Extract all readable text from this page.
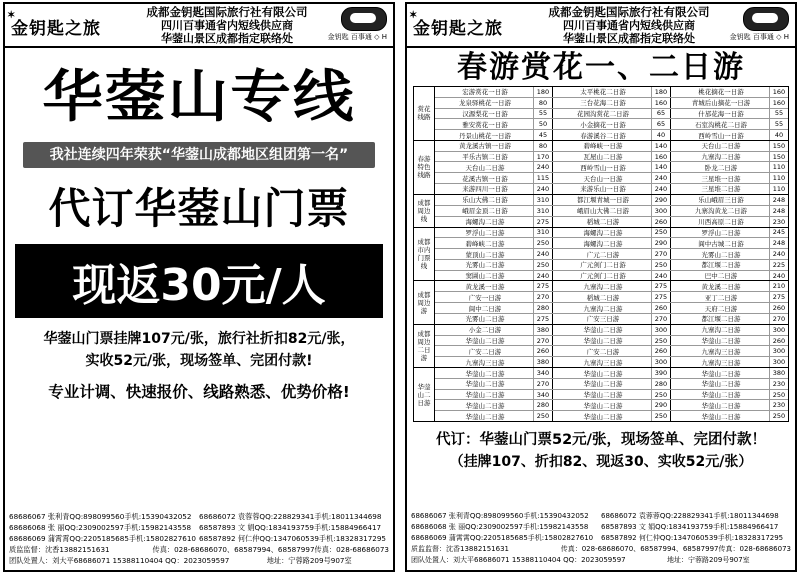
✶ 金钥匙之旅
成都金钥匙国际旅行社有限公司
四川百事通省内短线供应商
华蓥山景区成都指定联络处	金钥匙 百事通 ◇ H
华蓥山专线
我社连续四年荣获“华蓥山成都地区组团第一名”
代订华蓥山门票
现返30元/人
华蓥山门票挂牌107元/张，旅行社折扣82元/张，
实收52元/张，现场签单、完团付款!
专业计调、快速报价、线路熟悉、优势价格!
68686067 张利青QQ:898099560 手机:15390432052	68686072 袁蓉蓉QQ:228829341 手机:18011344698
68686068 张 丽QQ:2309002597 手机:15982143558	68587893 文 娟QQ:1834193759 手机:15884966417
68686069 蒲霄霄QQ:2205185685 手机:15802827610 68587892 何仁仲QQ:1347060539 手机:18328317295
质监监督：沈香13882151631	传真：028-68686070、68587994、68587997 传真：028-68686073
团队处置人：刘大平68686071 15388110404 QQ：2023059597	地址：宁蓉路209号907室
✶ 金钥匙之旅
成都金钥匙国际旅行社有限公司
四川百事通省内短线供应商
华蓥山景区成都指定联络处	金钥匙 百事通 ◇ H
春游赏花一、二日游
赏花线路
宏游赏花一日游	180	太平桃花二日游	180	桃花摘花一日游	160
龙泉驿桃花一日游	80	三台花海二日游	160	青城后山摘花一日游	160
汉源梨花一日游	55	花园沟赏花二日游	65	什邡花海一日游	55
雅安赏花一日游	50	小金摘花一日游	65	石室沟桃花二日游	55
丹景山桃花一日游	45	春游溪谷二日游	40	西岭雪山一日游	40
春游特色线路
黄龙溪古镇一日游	80	碧峰峡一日游	140	天台山二日游	150
平乐古镇二日游	170	瓦屋山二日游	160	九寨沟二日游	150
天台山二日游	240	西岭雪山一日游	140	卧龙二日游	110
花溪古镇一日游	115	天台山一日游	240	三星堆一日游	110
来游四川一日游	240	来游乐山一日游	240	三星堆二日游	110
成都周边线
乐山大佛二日游	310	都江堰青城一日游	290	乐山峨眉三日游	248
峨眉金顶二日游	310	峨眉山大佛二日游	300	九寨沟黄龙二日游	248
海螺沟二日游	275	稻城二日游	260	川西高原二日游	230
成都市内门票线
罗浮山二日游	310	海螺沟二日游	250	罗浮山二日游	245
碧峰峡二日游	250	海螺沟二日游	290	阆中古城二日游	248
蒙顶山二日游	240	广元二日游	270	光雾山二日游	240
光雾山二日游	250	广元剑门二日游	250	都江堰二日游	225
窦圌山二日游	240	广元剑门二日游	240	巴中二日游	240
成都周边游
黄龙溪一日游	275	九寨沟二日游	275	黄龙溪二日游	210
广安一日游	270	稻城二日游	275	亚丁二日游	275
阆中二日游	280	九寨沟二日游	260	天府二日游	260
光雾山二日游	275	广安三日游	270	都江堰二日游	270
成都周边二日游
小金二日游	380	华蓥山二日游	300	九寨沟二日游	300
华蓥山二日游	270	华蓥山二日游	250	华蓥山二日游	260
广安二日游	260	广安二日游	260	九寨沟三日游	300
九寨沟三日游	380	九寨沟三日游	300	九寨沟三日游	300
华蓥山二日游
华蓥山二日游	340	华蓥山二日游	390	华蓥山二日游	380
华蓥山二日游	270	华蓥山二日游	280	华蓥山二日游	230
华蓥山二日游	340	华蓥山二日游	250	华蓥山二日游	250
华蓥山二日游	280	华蓥山二日游	290	华蓥山二日游	230
华蓥山二日游	250	华蓥山二日游	250	华蓥山二日游	250
代订：华蓥山门票52元/张，现场签单、完团付款！
（挂牌107、折扣82、现返30、实收52元/张）
68686067 张利青QQ:898099560 手机:15390432052	68686072 袁蓉蓉QQ:228829341 手机:18011344698
68686068 张 丽QQ:2309002597 手机:15982143558	68587893 文 娟QQ:1834193759 手机:15884966417
68686069 蒲霄霄QQ:2205185685 手机:15802827610	68587892 何仁仲QQ:1347060539 手机:18328317295
质监监督：沈香13882151631	传真：028-68686070、68587994、68587997 传真：028-68686073
团队处置人：刘大平68686071 15388110404 QQ：2023059597	地址：宁蓉路209号907室
